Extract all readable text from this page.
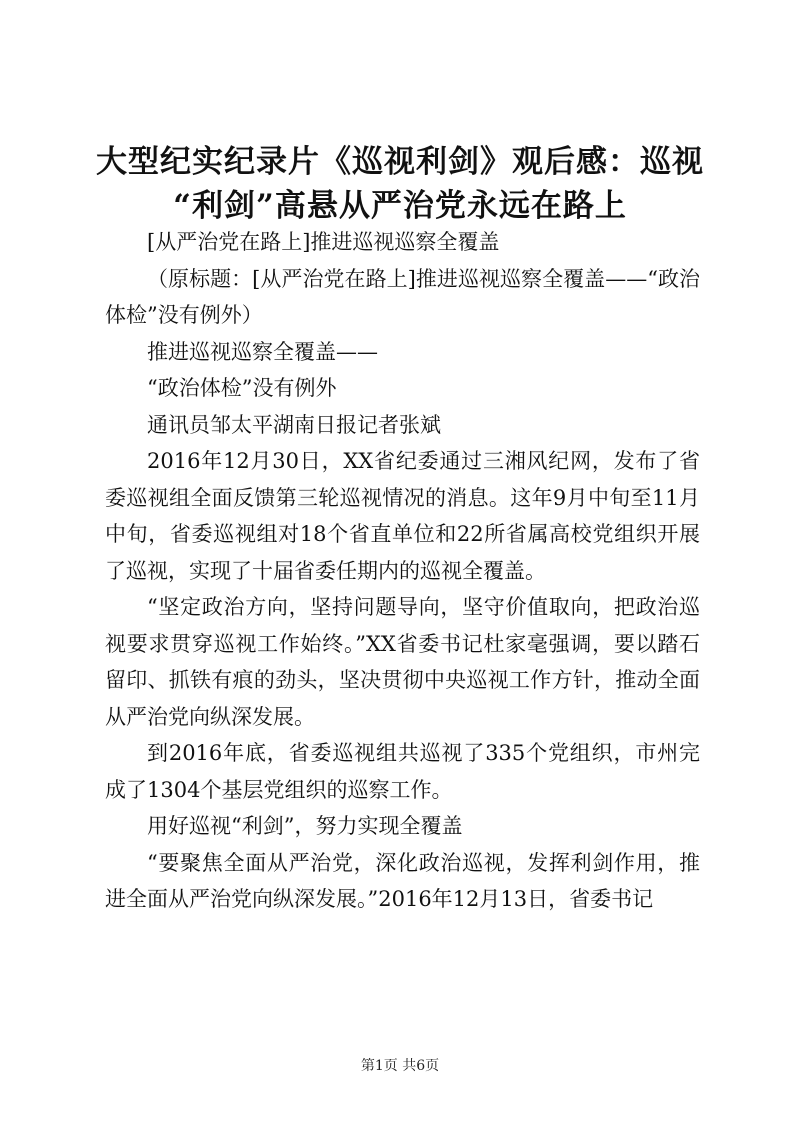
大型纪实纪录片《巡视利剑》观后感：巡视
“利剑”高悬从严治党永远在路上

[从严治党在路上]推进巡视巡察全覆盖

（原标题：[从严治党在路上]推进巡视巡察全覆盖——“政治体检”没有例外）

推进巡视巡察全覆盖——

“政治体检”没有例外

通讯员邹太平湖南日报记者张斌

2016年12月30日，XX省纪委通过三湘风纪网，发布了省委巡视组全面反馈第三轮巡视情况的消息。这年9月中旬至11月中旬，省委巡视组对18个省直单位和22所省属高校党组织开展了巡视，实现了十届省委任期内的巡视全覆盖。

“坚定政治方向，坚持问题导向，坚守价值取向，把政治巡视要求贯穿巡视工作始终。”XX省委书记杜家毫强调，要以踏石留印、抓铁有痕的劲头，坚决贯彻中央巡视工作方针，推动全面从严治党向纵深发展。

到2016年底，省委巡视组共巡视了335个党组织，市州完成了1304个基层党组织的巡察工作。

用好巡视“利剑”，努力实现全覆盖

“要聚焦全面从严治党，深化政治巡视，发挥利剑作用，推进全面从严治党向纵深发展。”2016年12月13日，省委书记

第1页 共6页
